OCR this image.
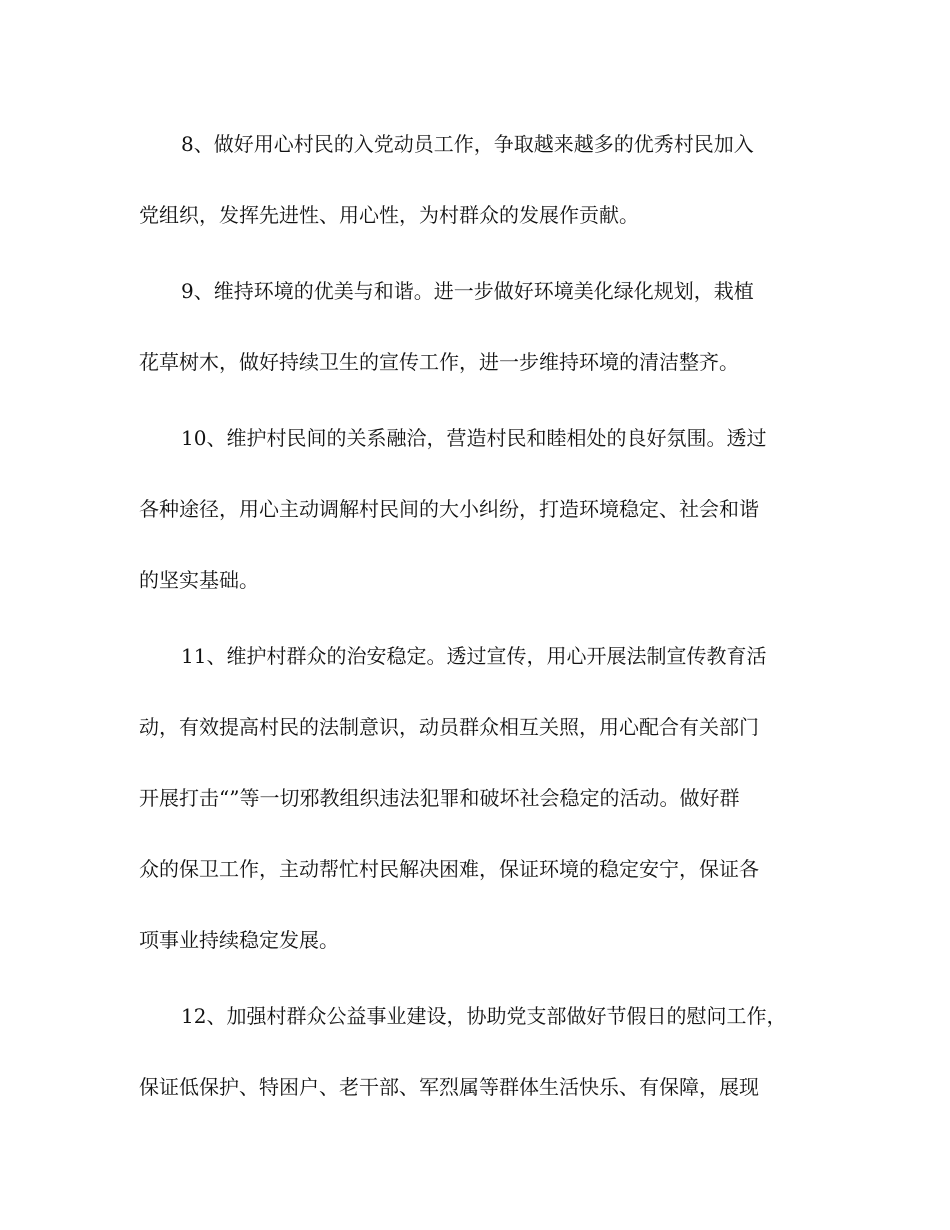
8、做好用心村民的入党动员工作，争取越来越多的优秀村民加入
党组织，发挥先进性、用心性，为村群众的发展作贡献。
9、维持环境的优美与和谐。进一步做好环境美化绿化规划，栽植
花草树木，做好持续卫生的宣传工作，进一步维持环境的清洁整齐。
10、维护村民间的关系融洽，营造村民和睦相处的良好氛围。透过
各种途径，用心主动调解村民间的大小纠纷，打造环境稳定、社会和谐
的坚实基础。
11、维护村群众的治安稳定。透过宣传，用心开展法制宣传教育活
动，有效提高村民的法制意识，动员群众相互关照，用心配合有关部门
开展打击“”等一切邪教组织违法犯罪和破坏社会稳定的活动。做好群
众的保卫工作，主动帮忙村民解决困难，保证环境的稳定安宁，保证各
项事业持续稳定发展。
12、加强村群众公益事业建设，协助党支部做好节假日的慰问工作，
保证低保护、特困户、老干部、军烈属等群体生活快乐、有保障，展现
